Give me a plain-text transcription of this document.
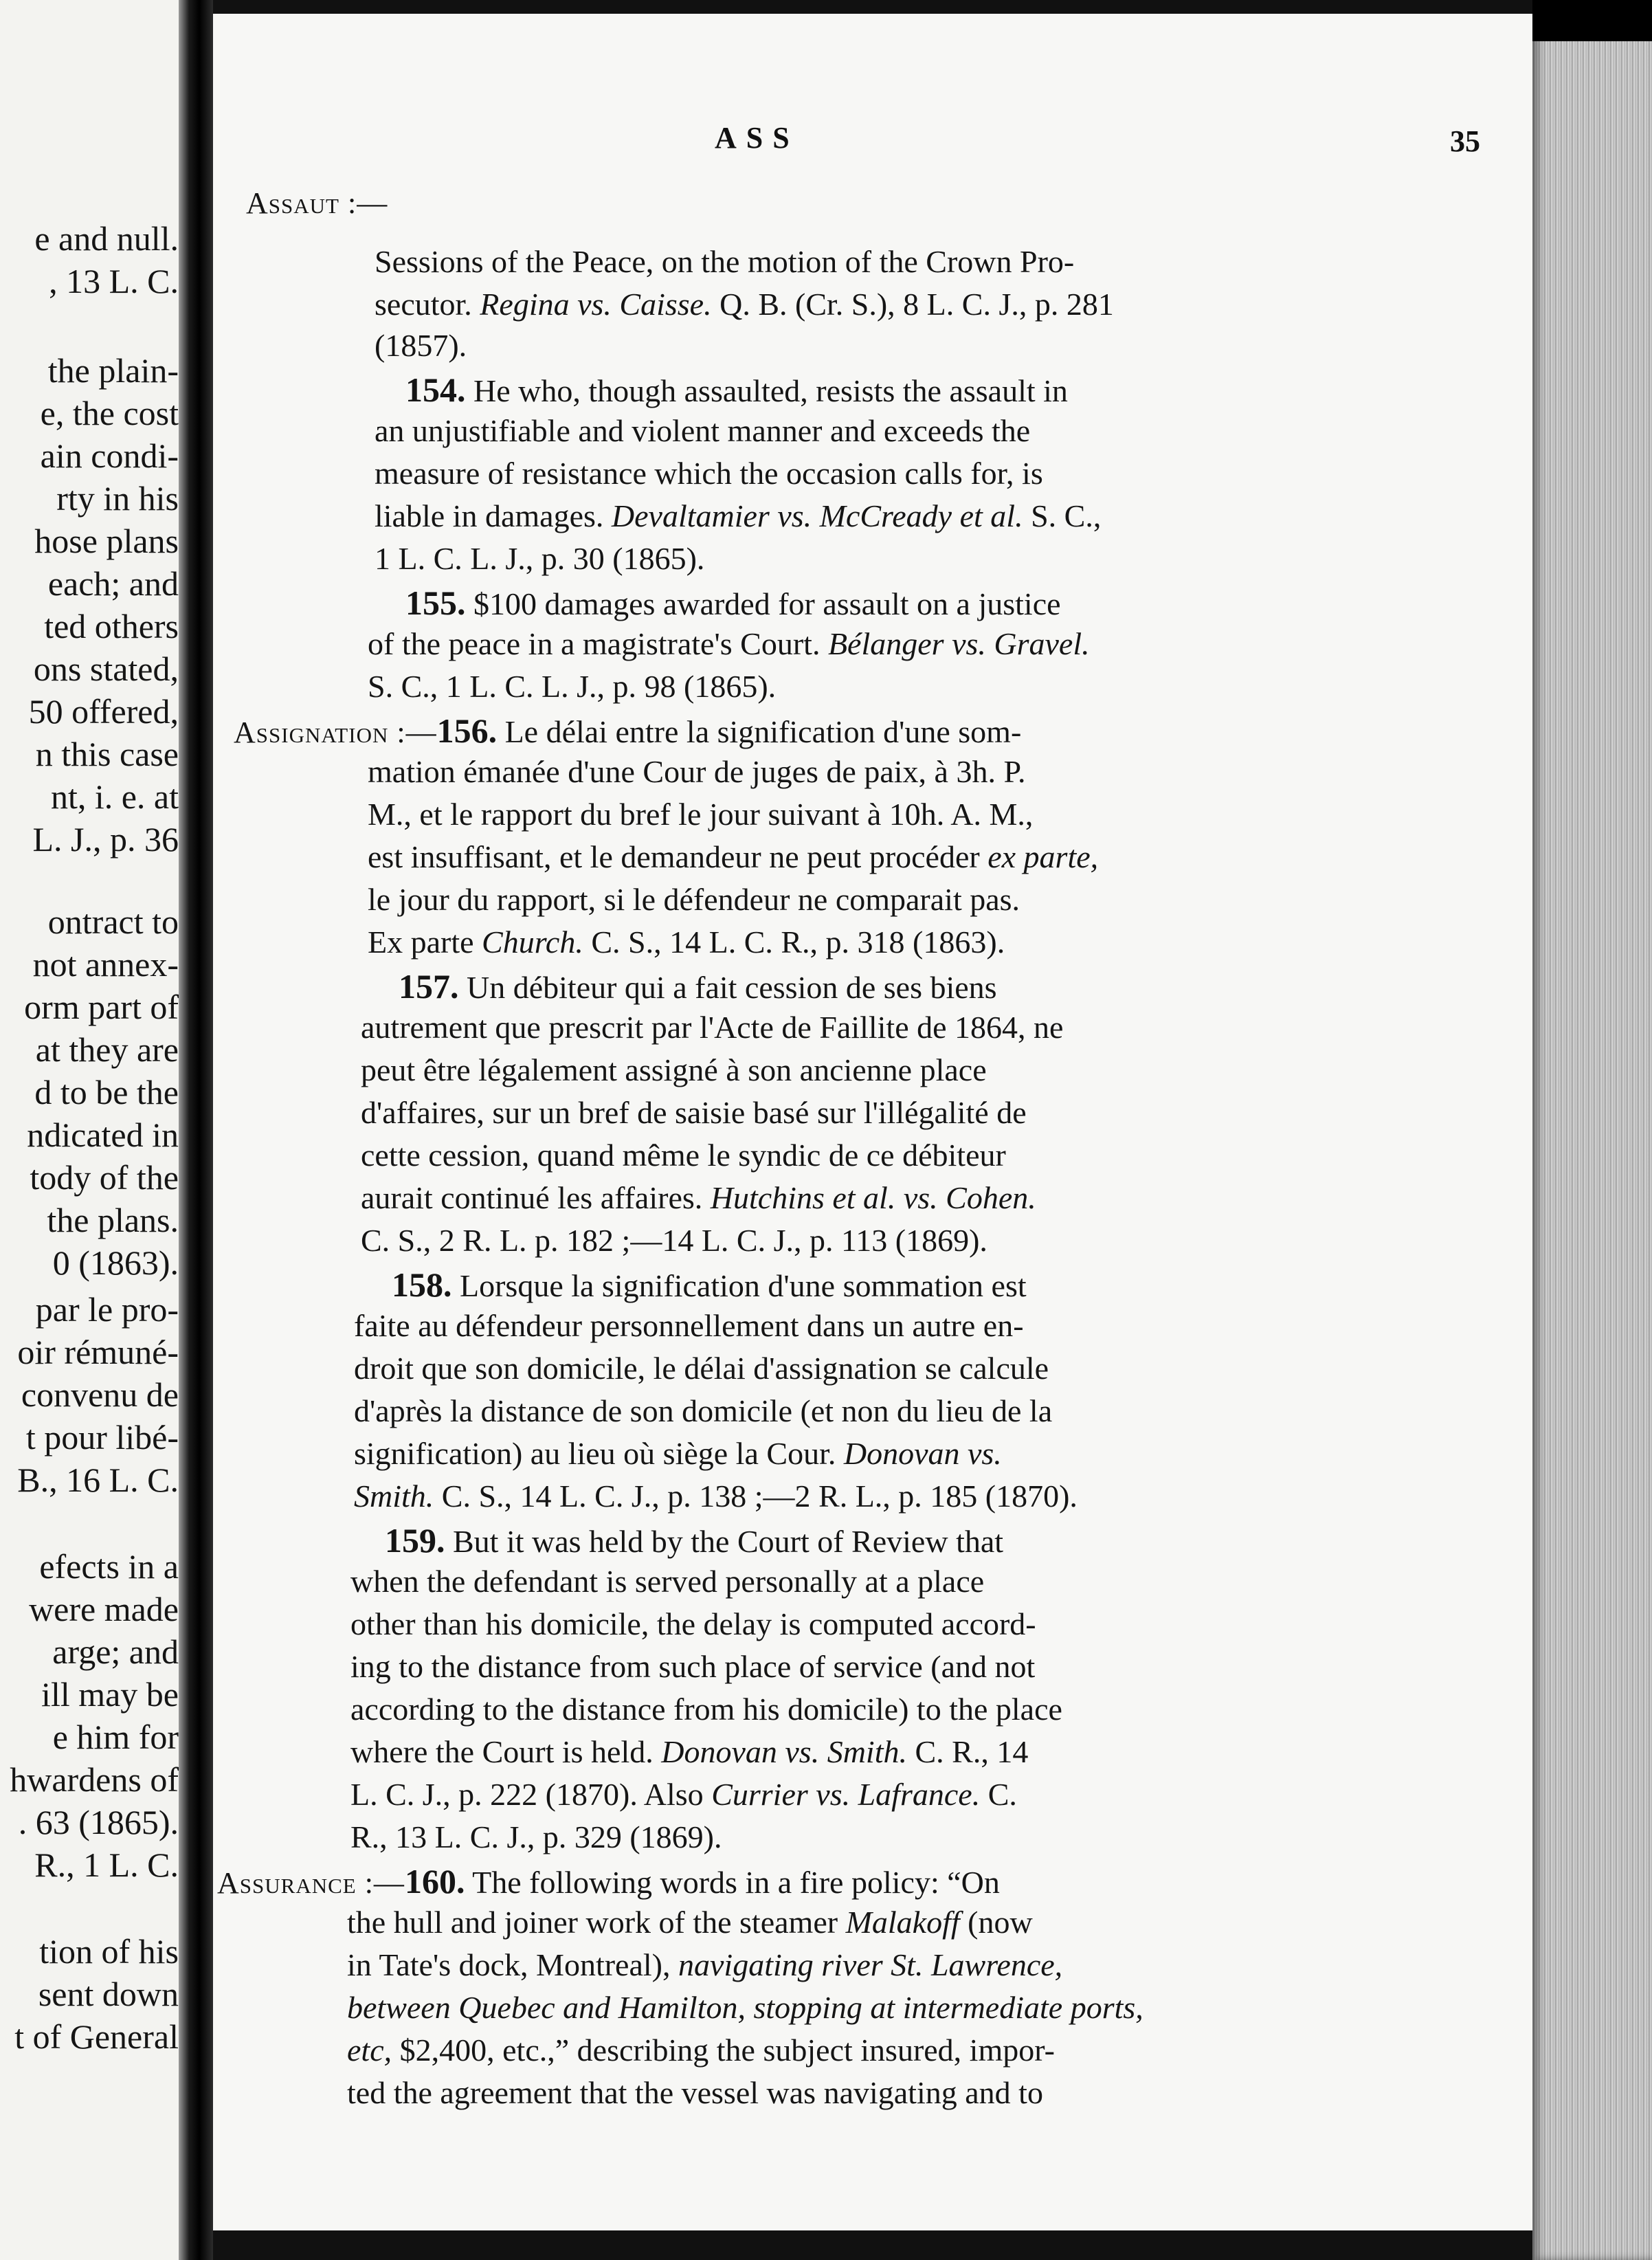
e and null.
, 13 L. C.
the plain-
e, the cost
ain condi-
rty in his
hose plans
each; and
ted others
ons stated,
50 offered,
n this case
nt, i. e. at
L. J., p. 36
ontract to
not annex-
orm part of
at they are
d to be the
ndicated in
tody of the
the plans.
0 (1863).
par le pro-
oir rémuné-
convenu de
t pour libé-
B., 16 L. C.
efects in a
were made
arge; and
ill may be
e him for
hwardens of
. 63 (1865).
R., 1 L. C.
tion of his
sent down
t of General
ASS	35
Assaut :—
Sessions of the Peace, on the motion of the Crown Pro-
secutor. Regina vs. Caisse. Q. B. (Cr. S.), 8 L. C. J., p. 281
(1857).
154. He who, though assaulted, resists the assault in
an unjustifiable and violent manner and exceeds the
measure of resistance which the occasion calls for, is
liable in damages. Devaltamier vs. McCready et al. S. C.,
1 L. C. L. J., p. 30 (1865).
155. $100 damages awarded for assault on a justice
of the peace in a magistrate's Court. Bélanger vs. Gravel.
S. C., 1 L. C. L. J., p. 98 (1865).
Assignation :—156. Le délai entre la signification d'une som-
mation émanée d'une Cour de juges de paix, à 3h. P.
M., et le rapport du bref le jour suivant à 10h. A. M.,
est insuffisant, et le demandeur ne peut procéder ex parte,
le jour du rapport, si le défendeur ne comparait pas.
Ex parte Church. C. S., 14 L. C. R., p. 318 (1863).
157. Un débiteur qui a fait cession de ses biens
autrement que prescrit par l'Acte de Faillite de 1864, ne
peut être légalement assigné à son ancienne place
d'affaires, sur un bref de saisie basé sur l'illégalité de
cette cession, quand même le syndic de ce débiteur
aurait continué les affaires. Hutchins et al. vs. Cohen.
C. S., 2 R. L. p. 182 ;—14 L. C. J., p. 113 (1869).
158. Lorsque la signification d'une sommation est
faite au défendeur personnellement dans un autre en-
droit que son domicile, le délai d'assignation se calcule
d'après la distance de son domicile (et non du lieu de la
signification) au lieu où siège la Cour. Donovan vs.
Smith. C. S., 14 L. C. J., p. 138 ;—2 R. L., p. 185 (1870).
159. But it was held by the Court of Review that
when the defendant is served personally at a place
other than his domicile, the delay is computed accord-
ing to the distance from such place of service (and not
according to the distance from his domicile) to the place
where the Court is held. Donovan vs. Smith. C. R., 14
L. C. J., p. 222 (1870). Also Currier vs. Lafrance. C.
R., 13 L. C. J., p. 329 (1869).
Assurance :—160. The following words in a fire policy: “On
the hull and joiner work of the steamer Malakoff (now
in Tate's dock, Montreal), navigating river St. Lawrence,
between Quebec and Hamilton, stopping at intermediate ports,
etc, $2,400, etc.,” describing the subject insured, impor-
ted the agreement that the vessel was navigating and to
